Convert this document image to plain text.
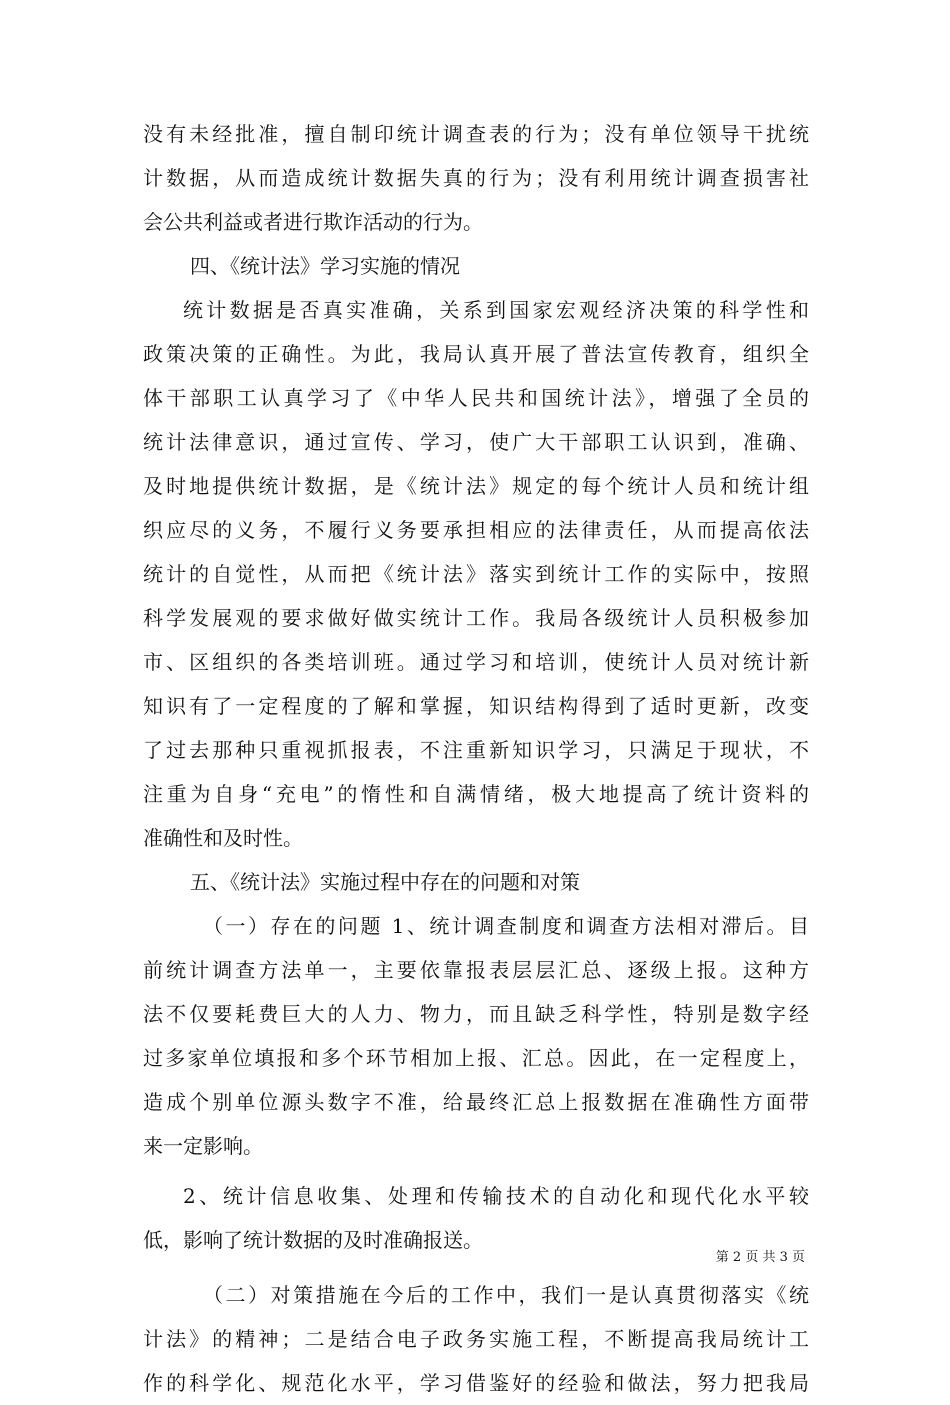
没有未经批准，擅自制印统计调查表的行为；没有单位领导干扰统
计数据，从而造成统计数据失真的行为；没有利用统计调查损害社
会公共利益或者进行欺诈活动的行为。
四、《统计法》学习实施的情况
统计数据是否真实准确，关系到国家宏观经济决策的科学性和
政策决策的正确性。为此，我局认真开展了普法宣传教育，组织全
体干部职工认真学习了《中华人民共和国统计法》，增强了全员的
统计法律意识，通过宣传、学习，使广大干部职工认识到，准确、
及时地提供统计数据，是《统计法》规定的每个统计人员和统计组
织应尽的义务，不履行义务要承担相应的法律责任，从而提高依法
统计的自觉性，从而把《统计法》落实到统计工作的实际中，按照
科学发展观的要求做好做实统计工作。我局各级统计人员积极参加
市、区组织的各类培训班。通过学习和培训，使统计人员对统计新
知识有了一定程度的了解和掌握，知识结构得到了适时更新，改变
了过去那种只重视抓报表，不注重新知识学习，只满足于现状，不
注重为自身“充电”的惰性和自满情绪，极大地提高了统计资料的
准确性和及时性。
五、《统计法》实施过程中存在的问题和对策
（一）存在的问题 1、统计调查制度和调查方法相对滞后。目
前统计调查方法单一，主要依靠报表层层汇总、逐级上报。这种方
法不仅要耗费巨大的人力、物力，而且缺乏科学性，特别是数字经
过多家单位填报和多个环节相加上报、汇总。因此，在一定程度上，
造成个别单位源头数字不准，给最终汇总上报数据在准确性方面带
来一定影响。
2、统计信息收集、处理和传输技术的自动化和现代化水平较
低，影响了统计数据的及时准确报送。
（二）对策措施在今后的工作中，我们一是认真贯彻落实《统
计法》的精神；二是结合电子政务实施工程，不断提高我局统计工
作的科学化、规范化水平，学习借鉴好的经验和做法，努力把我局
第 2 页 共 3 页
